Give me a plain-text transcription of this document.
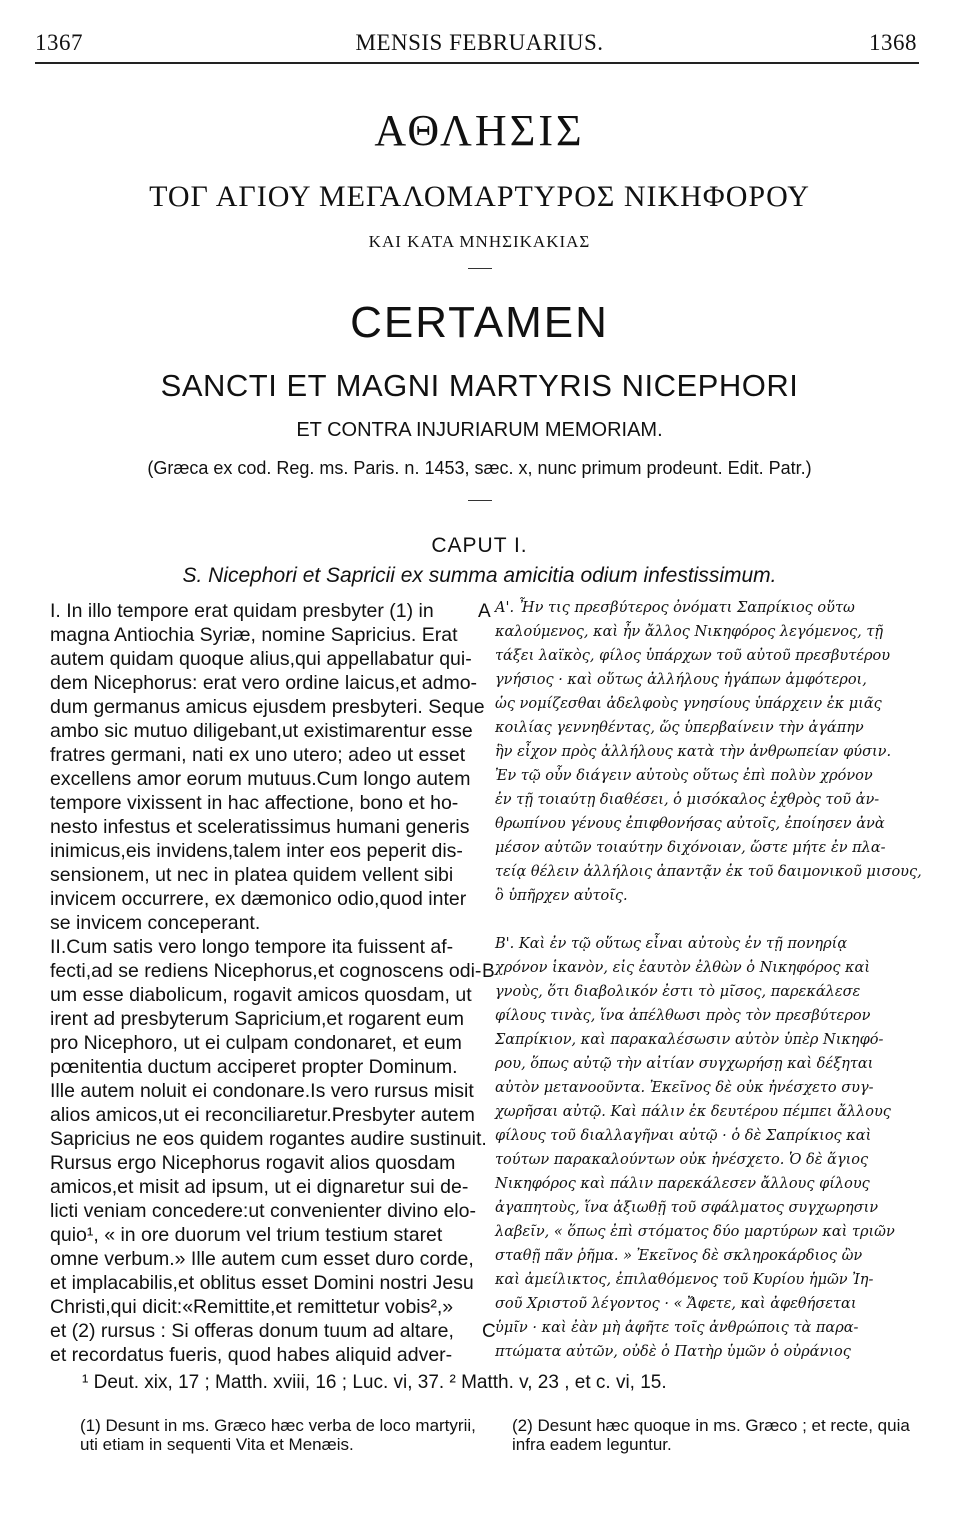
1367	MENSIS FEBRUARIUS.	1368
ΑΘΛΗΣΙΣ
ΤΟΓ ΑΓΙΟΥ ΜΕΓΑΛΟΜΑΡΤΥΡΟΣ ΝΙΚΗΦΟΡΟΥ
ΚΑΙ ΚΑΤΑ ΜΝΗΣΙΚΑΚΙΑΣ
CERTAMEN
SANCTI ET MAGNI MARTYRIS NICEPHORI
ET CONTRA INJURIARUM MEMORIAM.
(Græca ex cod. Reg. ms. Paris. n. 1453, sæc. x, nunc primum prodeunt. Edit. Patr.)
CAPUT I.
S. Nicephori et Sapricii ex summa amicitia odium infestissimum.
I. In illo tempore erat quidam presbyter (1) in
magna Antiochia Syriæ, nomine Sapricius. Erat
autem quidam quoque alius,qui appellabatur qui-
dem Nicephorus: erat vero ordine laicus,et admo-
dum germanus amicus ejusdem presbyteri. Seque
ambo sic mutuo diligebant,ut existimarentur esse
fratres germani, nati ex uno utero; adeo ut esset
excellens amor eorum mutuus.Cum longo autem
tempore vixissent in hac affectione, bono et ho-
nesto infestus et sceleratissimus humani generis
inimicus,eis invidens,talem inter eos peperit dis-
sensionem, ut nec in platea quidem vellent sibi
invicem occurrere, ex dæmonico odio,quod inter
se invicem conceperant.
II.Cum satis vero longo tempore ita fuissent af-
fecti,ad se rediens Nicephorus,et cognoscens odi-
um esse diabolicum, rogavit amicos quosdam, ut
irent ad presbyterum Sapricium,et rogarent eum
pro Nicephoro, ut ei culpam condonaret, et eum
pœnitentia ductum acciperet propter Dominum.
Ille autem noluit ei condonare.Is vero rursus misit
alios amicos,ut ei reconciliaretur.Presbyter autem
Sapricius ne eos quidem rogantes audire sustinuit.
Rursus ergo Nicephorus rogavit alios quosdam
amicos,et misit ad ipsum, ut ei dignaretur sui de-
licti veniam concedere:ut convenienter divino elo-
quio¹, « in ore duorum vel trium testium staret
omne verbum.» Ille autem cum esset duro corde,
et implacabilis,et oblitus esset Domini nostri Jesu
Christi,qui dicit:«Remittite,et remittetur vobis²,»
et (2) rursus : Si offeras donum tuum ad altare,
et recordatus fueris, quod habes aliquid adver-
Α'. Ἦν τις πρεσβύτερος ὀνόματι Σαπρίκιος οὕτω
καλούμενος, καὶ ἦν ἄλλος Νικηφόρος λεγόμενος, τῇ
τάξει λαϊκὸς, φίλος ὑπάρχων τοῦ αὐτοῦ πρεσβυτέρου
γνήσιος · καὶ οὕτως ἀλλήλους ἠγάπων ἀμφότεροι,
ὡς νομίζεσθαι ἀδελφοὺς γνησίους ὑπάρχειν ἐκ μιᾶς
κοιλίας γεννηθέντας, ὥς ὑπερβαίνειν τὴν ἀγάπην
ἣν εἶχον πρὸς ἀλλήλους κατὰ τὴν ἀνθρωπείαν φύσιν.
Ἐν τῷ οὖν διάγειν αὐτοὺς οὕτως ἐπὶ πολὺν χρόνον
ἐν τῇ τοιαύτῃ διαθέσει, ὁ μισόκαλος ἐχθρὸς τοῦ ἀν-
θρωπίνου γένους ἐπιφθονήσας αὐτοῖς, ἐποίησεν ἀνὰ
μέσον αὐτῶν τοιαύτην διχόνοιαν, ὥστε μήτε ἐν πλα-
τείᾳ θέλειν ἀλλήλοις ἀπαντᾷν ἐκ τοῦ δαιμονικοῦ μισους,
ὃ ὑπῆρχεν αὐτοῖς.
Β'. Καὶ ἐν τῷ οὕτως εἶναι αὐτοὺς ἐν τῇ πονηρίᾳ
χρόνον ἱκανὸν, εἰς ἑαυτὸν ἐλθὼν ὁ Νικηφόρος καὶ
γνοὺς, ὅτι διαβολικόν ἐστι τὸ μῖσος, παρεκάλεσε
φίλους τινὰς, ἵνα ἀπέλθωσι πρὸς τὸν πρεσβύτερον
Σαπρίκιον, καὶ παρακαλέσωσιν αὐτὸν ὑπὲρ Νικηφό-
ρου, ὅπως αὐτῷ τὴν αἰτίαν συγχωρήσῃ καὶ δέξηται
αὐτὸν μετανοοῦντα. Ἐκεῖνος δὲ οὐκ ἠνέσχετο συγ-
χωρῆσαι αὐτῷ. Καὶ πάλιν ἐκ δευτέρου πέμπει ἄλλους
φίλους τοῦ διαλλαγῆναι αὐτῷ · ὁ δὲ Σαπρίκιος καὶ
τούτων παρακαλούντων οὐκ ἠνέσχετο. Ὁ δὲ ἅγιος
Νικηφόρος καὶ πάλιν παρεκάλεσεν ἄλλους φίλους
ἀγαπητοὺς, ἵνα ἀξιωθῇ τοῦ σφάλματος συγχωρησιν
λαβεῖν, « ὅπως ἐπὶ στόματος δύο μαρτύρων καὶ τριῶν
σταθῇ πᾶν ῥῆμα. » Ἐκεῖνος δὲ σκληροκάρδιος ὢν
καὶ ἀμείλικτος, ἐπιλαθόμενος τοῦ Κυρίου ἡμῶν Ἰη-
σοῦ Χριστοῦ λέγοντος · « Ἄφετε, καὶ ἀφεθήσεται
ὑμῖν · καὶ ἐὰν μὴ ἀφῆτε τοῖς ἀνθρώποις τὰ παρα-
πτώματα αὐτῶν, οὐδὲ ὁ Πατὴρ ὑμῶν ὁ οὐράνιος
A
B
C
¹ Deut. xix, 17 ; Matth. xviii, 16 ; Luc. vi, 37. ² Matth. v, 23 , et c. vi, 15.
(1) Desunt in ms. Græco hæc verba de loco martyrii, uti etiam in sequenti Vita et Menæis.
(2) Desunt hæc quoque in ms. Græco ; et recte, quia infra eadem leguntur.
